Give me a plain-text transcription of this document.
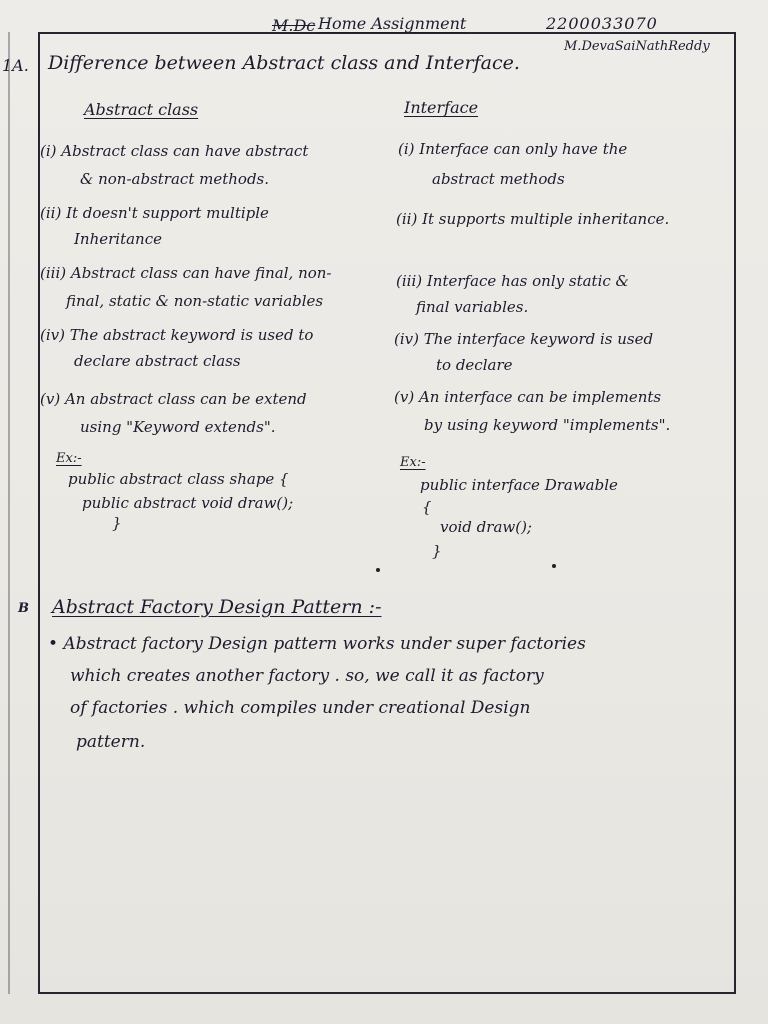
M.Dc Home Assignment	2200033070
M.DevaSaiNathReddy
1A. Difference between Abstract class and Interface.
Abstract class	Interface
(i) Abstract class can have abstract
& non-abstract methods.
(ii) It doesn't support multiple
Inheritance
(iii) Abstract class can have final, non-
final, static & non-static variables
(iv) The abstract keyword is used to
declare abstract class
(v) An abstract class can be extend
using "Keyword extends".
(i) Interface can only have the
abstract methods
(ii) It supports multiple inheritance.
(iii) Interface has only static &
final variables.
(iv) The interface keyword is used
to declare
(v) An interface can be implements
by using keyword "implements".
Ex:-
public abstract class shape {
public abstract void draw();
}
Ex:-
public interface Drawable
{
void draw();
}
B Abstract Factory Design Pattern :-
• Abstract factory Design pattern works under super factories
which creates another factory . so, we call it as factory
of factories . which compiles under creational Design
pattern.
